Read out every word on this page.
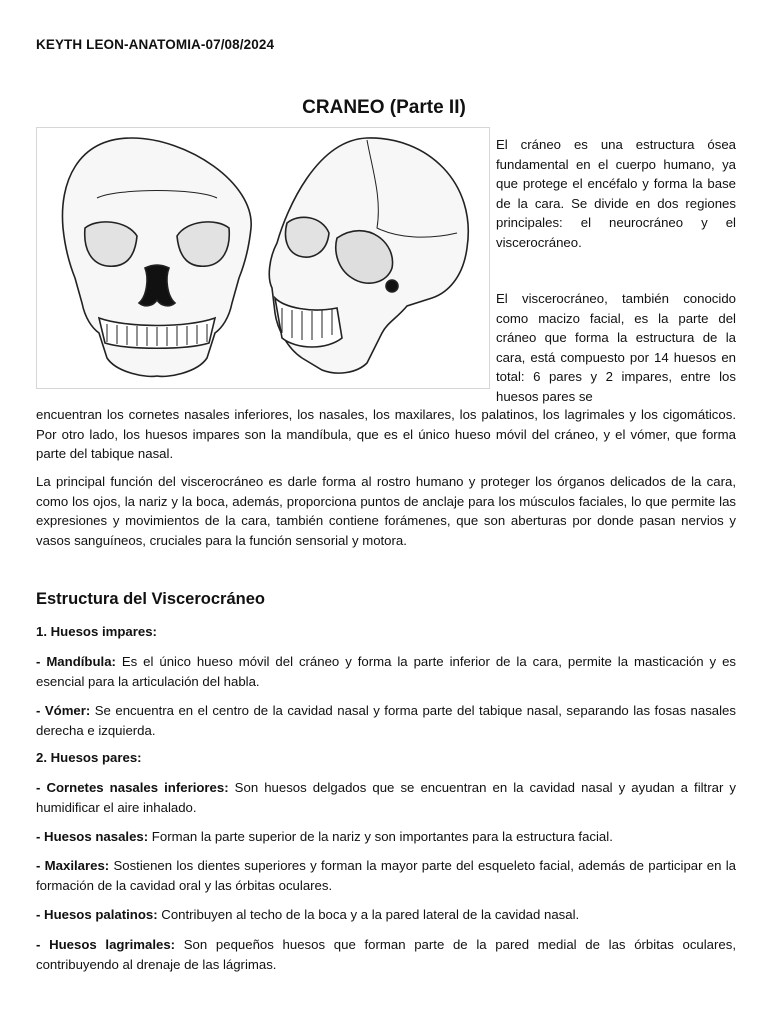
KEYTH LEON-ANATOMIA-07/08/2024
CRANEO (Parte II)
El cráneo es una estructura ósea fundamental en el cuerpo humano, ya que protege el encéfalo y forma la base de la cara. Se divide en dos regiones principales: el neurocráneo y el viscerocráneo.
El viscerocráneo, también conocido como macizo facial, es la parte del cráneo que forma la estructura de la cara, está compuesto por 14 huesos en total: 6 pares y 2 impares, entre los huesos pares se
encuentran los cornetes nasales inferiores, los nasales, los maxilares, los palatinos, los lagrimales y los cigomáticos. Por otro lado, los huesos impares son la mandíbula, que es el único hueso móvil del cráneo, y el vómer, que forma parte del tabique nasal.
La principal función del viscerocráneo es darle forma al rostro humano y proteger los órganos delicados de la cara, como los ojos, la nariz y la boca, además, proporciona puntos de anclaje para los músculos faciales, lo que permite las expresiones y movimientos de la cara, también contiene forámenes, que son aberturas por donde pasan nervios y vasos sanguíneos, cruciales para la función sensorial y motora.
Estructura del Viscerocráneo
1. Huesos impares:
- Mandíbula: Es el único hueso móvil del cráneo y forma la parte inferior de la cara, permite la masticación y es esencial para la articulación del habla.
- Vómer: Se encuentra en el centro de la cavidad nasal y forma parte del tabique nasal, separando las fosas nasales derecha e izquierda.
2. Huesos pares:
- Cornetes nasales inferiores: Son huesos delgados que se encuentran en la cavidad nasal y ayudan a filtrar y humidificar el aire inhalado.
- Huesos nasales: Forman la parte superior de la nariz y son importantes para la estructura facial.
- Maxilares: Sostienen los dientes superiores y forman la mayor parte del esqueleto facial, además de participar en la formación de la cavidad oral y las órbitas oculares.
- Huesos palatinos: Contribuyen al techo de la boca y a la pared lateral de la cavidad nasal.
- Huesos lagrimales: Son pequeños huesos que forman parte de la pared medial de las órbitas oculares, contribuyendo al drenaje de las lágrimas.
